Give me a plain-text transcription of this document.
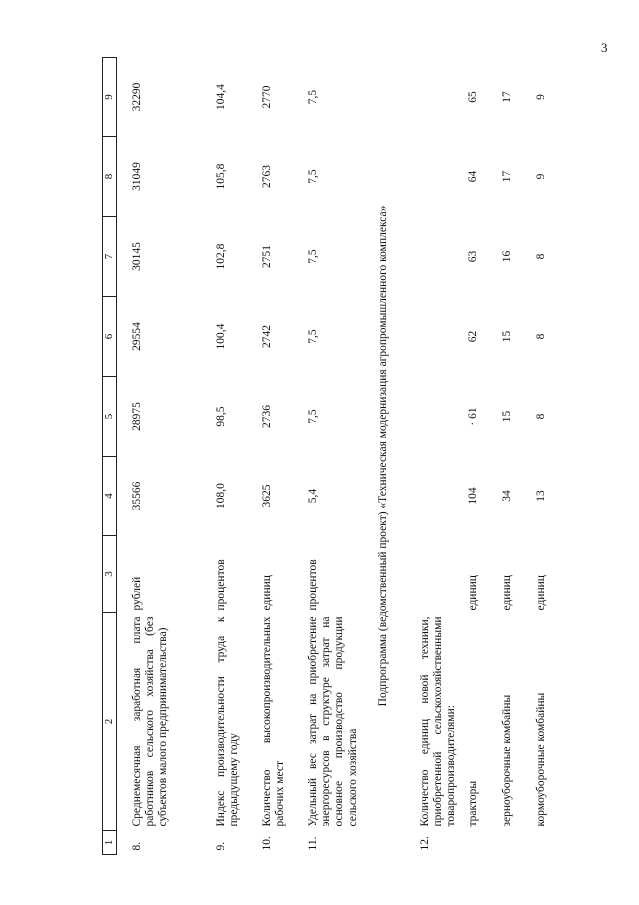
3
1	2	3	4	5	6	7	8	9
8.	Среднемесячная заработная плата работников сельского хозяйства (без субъектов малого предпринимательства)	рублей	35566	28975	29554	30145	31049	32290
9.	Индекс производительности труда к предыдущему году	процентов	108,0	98,5	100,4	102,8	105,8	104,4
10.	Количество высокопроизводительных рабочих мест	единиц	3625	2736	2742	2751	2763	2770
11.	Удельный вес затрат на приобретение энергоресурсов в структуре затрат на основное производство продукции сельского хозяйства	процентов	5,4	7,5	7,5	7,5	7,5	7,5
Подпрограмма (ведомственный проект) «Техническая модернизация агропромышленного комплекса»								
12.	Количество единиц новой техники, приобретенной сельскохозяйственными товаропроизводителями:							
	тракторы	единиц	104	· 61	62	63	64	65
	зерноуборочные комбайны	единиц	34	15	15	16	17	17
	кормоуборочные комбайны	единиц	13	8	8	8	9	9
